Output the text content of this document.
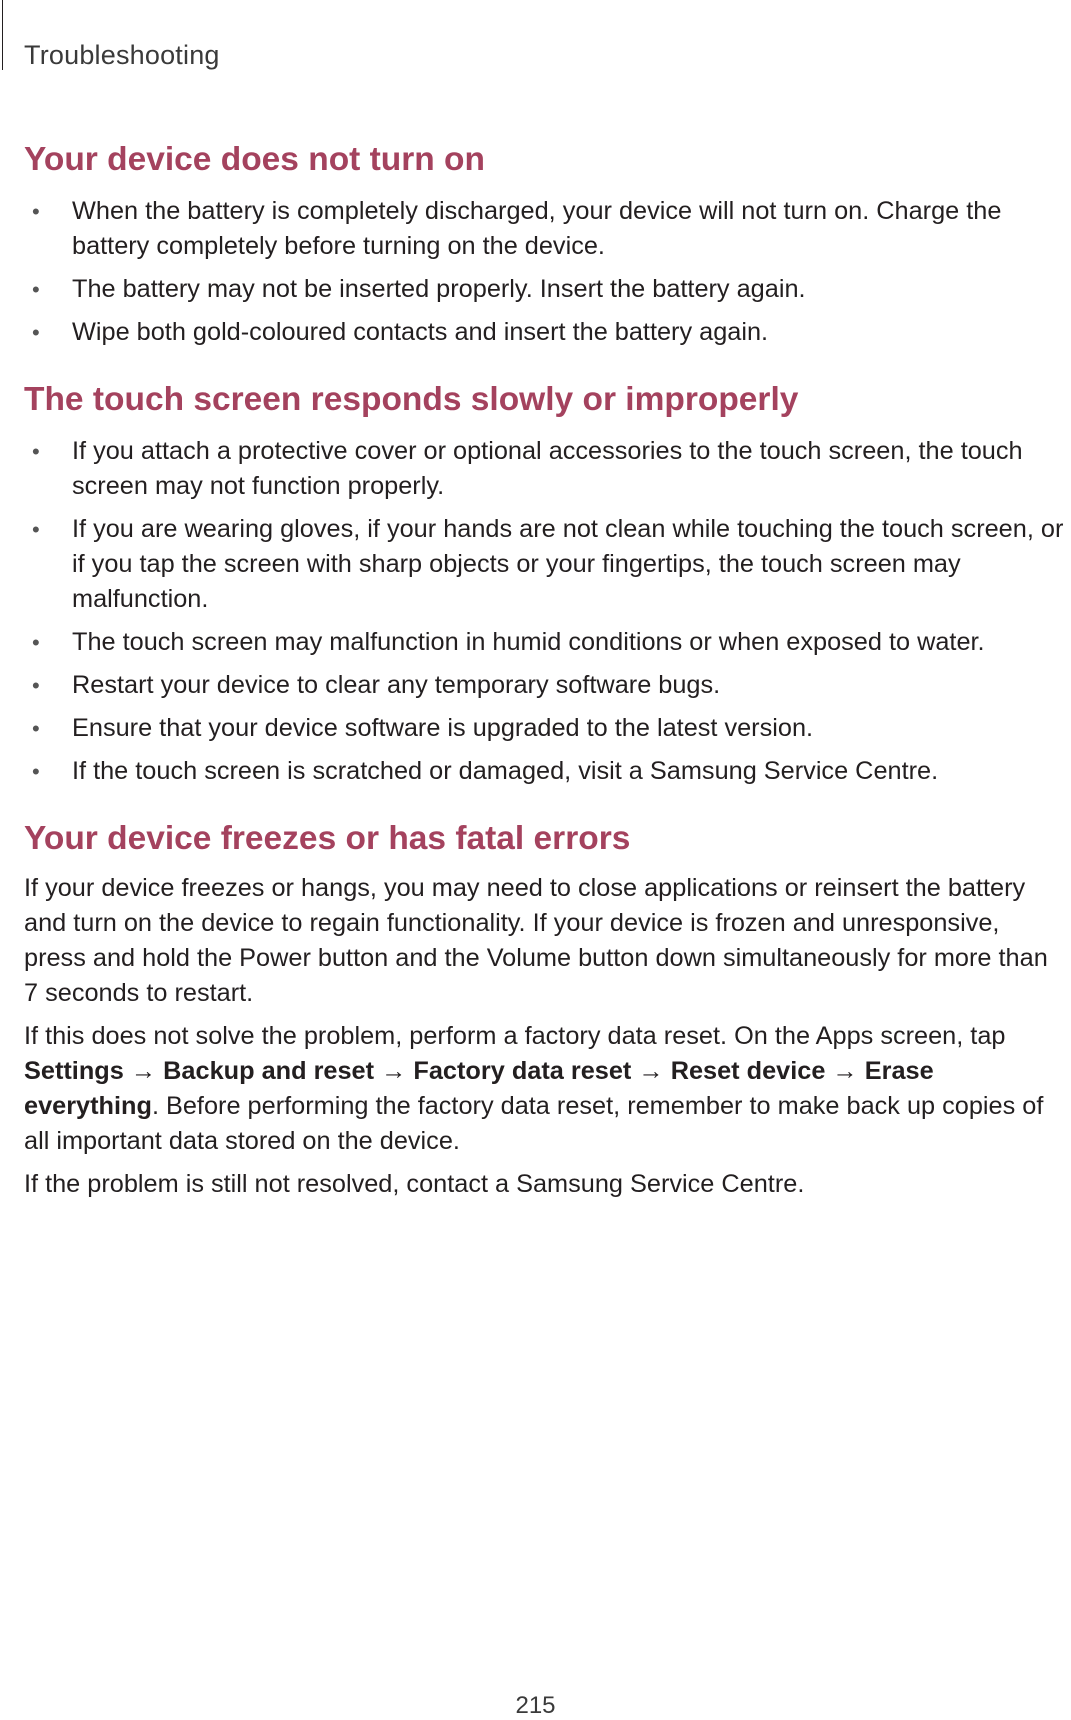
Troubleshooting
Your device does not turn on
• When the battery is completely discharged, your device will not turn on. Charge the battery completely before turning on the device.
• The battery may not be inserted properly. Insert the battery again.
• Wipe both gold-coloured contacts and insert the battery again.
The touch screen responds slowly or improperly
• If you attach a protective cover or optional accessories to the touch screen, the touch screen may not function properly.
• If you are wearing gloves, if your hands are not clean while touching the touch screen, or if you tap the screen with sharp objects or your fingertips, the touch screen may malfunction.
• The touch screen may malfunction in humid conditions or when exposed to water.
• Restart your device to clear any temporary software bugs.
• Ensure that your device software is upgraded to the latest version.
• If the touch screen is scratched or damaged, visit a Samsung Service Centre.
Your device freezes or has fatal errors

If your device freezes or hangs, you may need to close applications or reinsert the battery and turn on the device to regain functionality. If your device is frozen and unresponsive, press and hold the Power button and the Volume button down simultaneously for more than 7 seconds to restart.

If this does not solve the problem, perform a factory data reset. On the Apps screen, tap Settings → Backup and reset → Factory data reset → Reset device → Erase everything. Before performing the factory data reset, remember to make back up copies of all important data stored on the device.

If the problem is still not resolved, contact a Samsung Service Centre.

215
